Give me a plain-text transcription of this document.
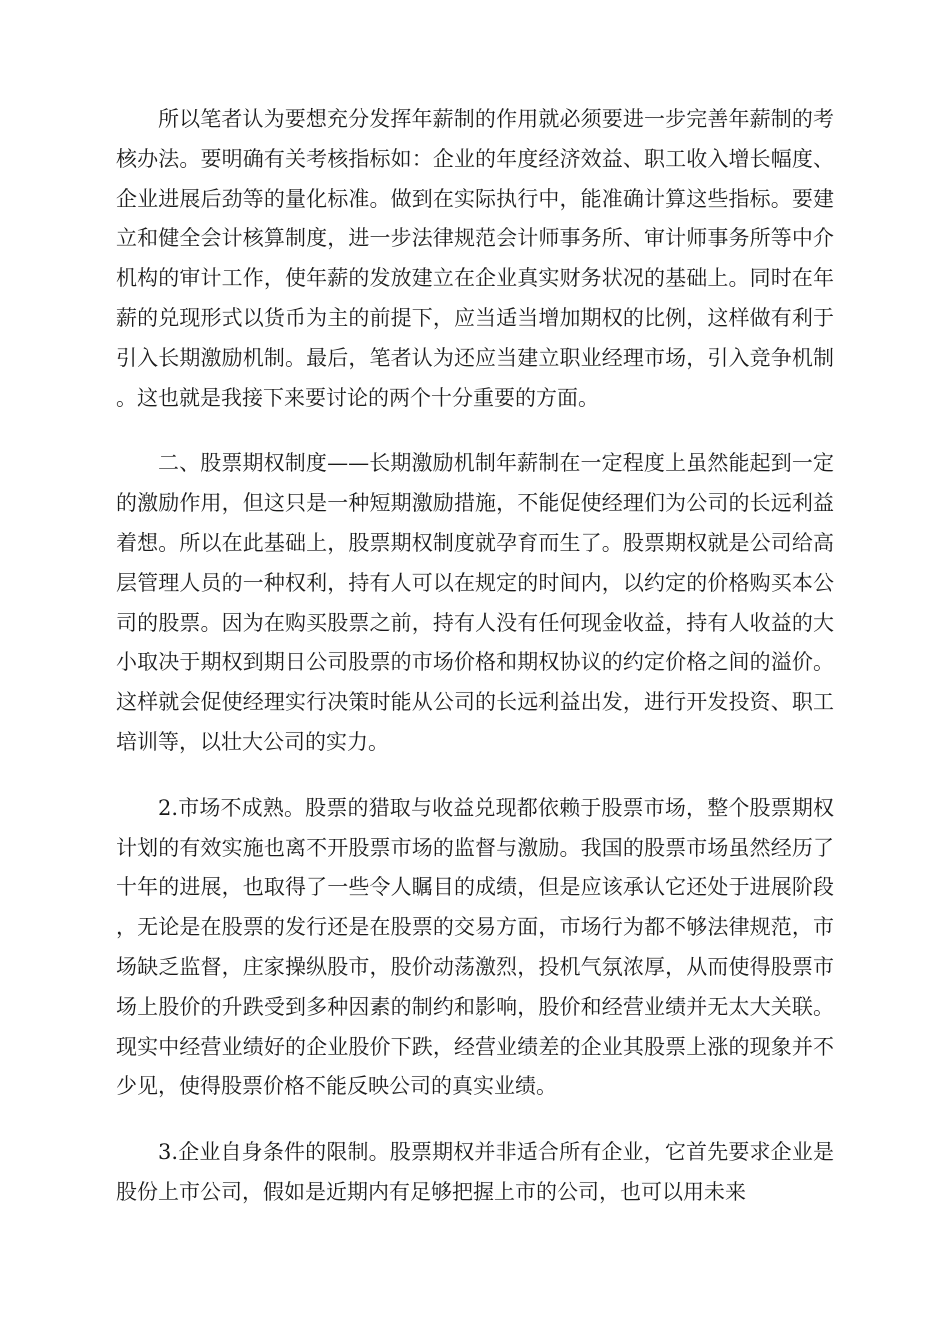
所以笔者认为要想充分发挥年薪制的作用就必须要进一步完善年薪制的考核办法。要明确有关考核指标如：企业的年度经济效益、职工收入增长幅度、企业进展后劲等的量化标准。做到在实际执行中，能准确计算这些指标。要建立和健全会计核算制度，进一步法律规范会计师事务所、审计师事务所等中介机构的审计工作，使年薪的发放建立在企业真实财务状况的基础上。同时在年薪的兑现形式以货币为主的前提下，应当适当增加期权的比例，这样做有利于引入长期激励机制。最后，笔者认为还应当建立职业经理市场，引入竞争机制。这也就是我接下来要讨论的两个十分重要的方面。

二、股票期权制度——长期激励机制年薪制在一定程度上虽然能起到一定的激励作用，但这只是一种短期激励措施，不能促使经理们为公司的长远利益着想。所以在此基础上，股票期权制度就孕育而生了。股票期权就是公司给高层管理人员的一种权利，持有人可以在规定的时间内，以约定的价格购买本公司的股票。因为在购买股票之前，持有人没有任何现金收益，持有人收益的大小取决于期权到期日公司股票的市场价格和期权协议的约定价格之间的溢价。这样就会促使经理实行决策时能从公司的长远利益出发，进行开发投资、职工培训等，以壮大公司的实力。

2.市场不成熟。股票的猎取与收益兑现都依赖于股票市场，整个股票期权计划的有效实施也离不开股票市场的监督与激励。我国的股票市场虽然经历了十年的进展，也取得了一些令人瞩目的成绩，但是应该承认它还处于进展阶段，无论是在股票的发行还是在股票的交易方面，市场行为都不够法律规范，市场缺乏监督，庄家操纵股市，股价动荡激烈，投机气氛浓厚，从而使得股票市场上股价的升跌受到多种因素的制约和影响，股价和经营业绩并无太大关联。现实中经营业绩好的企业股价下跌，经营业绩差的企业其股票上涨的现象并不少见，使得股票价格不能反映公司的真实业绩。

3.企业自身条件的限制。股票期权并非适合所有企业，它首先要求企业是股份上市公司，假如是近期内有足够把握上市的公司，也可以用未来
